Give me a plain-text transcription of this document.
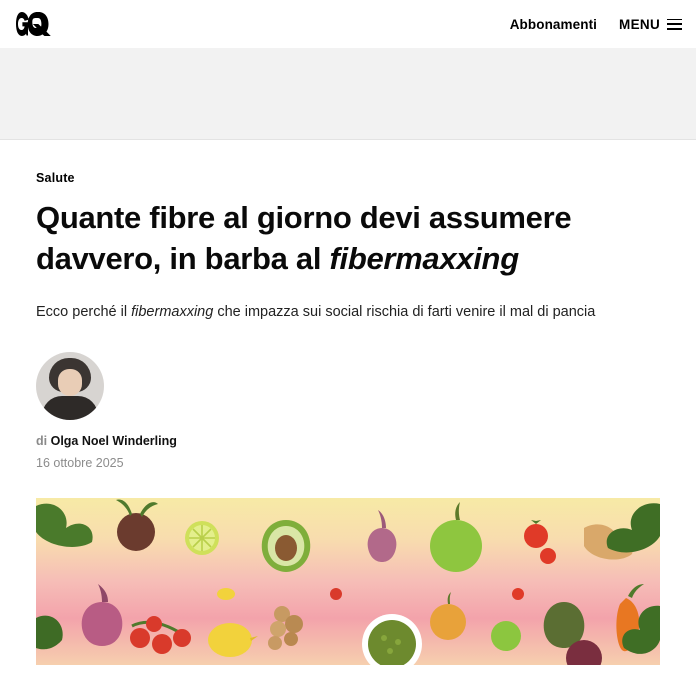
Abbonamenti MENU
Salute
Quante fibre al giorno devi assumere davvero, in barba al fibermaxxing

Ecco perché il fibermaxxing che impazza sui social rischia di farti venire il mal di pancia

di Olga Noel Winderling
16 ottobre 2025
